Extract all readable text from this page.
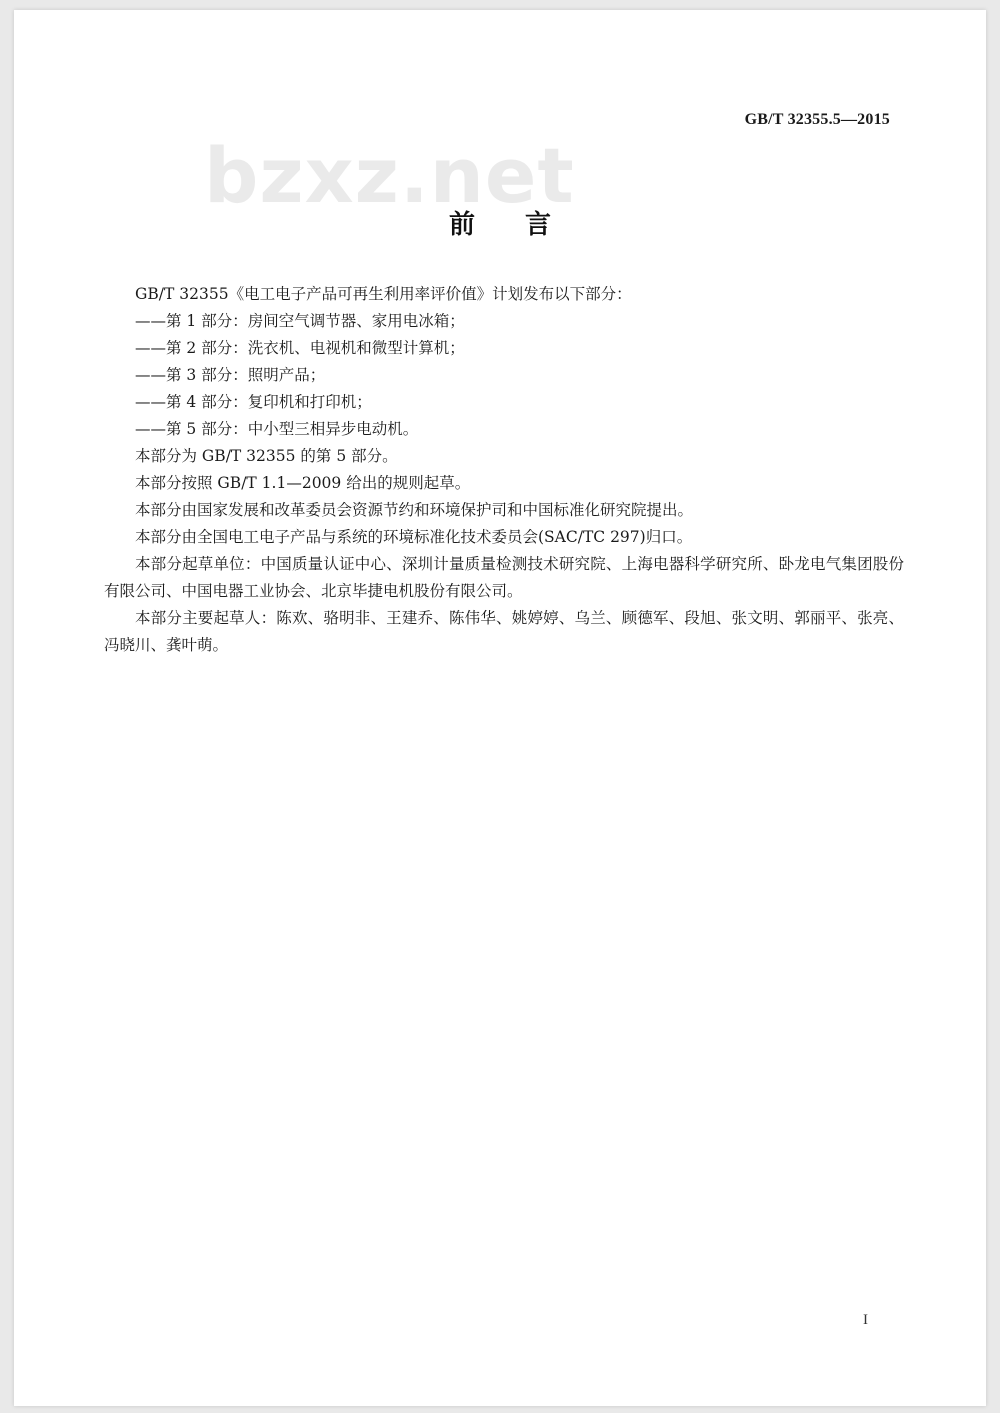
GB/T 32355.5—2015
bzxz.net
前言

GB/T 32355《电工电子产品可再生利用率评价值》计划发布以下部分：

——第 1 部分：房间空气调节器、家用电冰箱；

——第 2 部分：洗衣机、电视机和微型计算机；

——第 3 部分：照明产品；

——第 4 部分：复印机和打印机；

——第 5 部分：中小型三相异步电动机。

本部分为 GB/T 32355 的第 5 部分。

本部分按照 GB/T 1.1—2009 给出的规则起草。

本部分由国家发展和改革委员会资源节约和环境保护司和中国标准化研究院提出。

本部分由全国电工电子产品与系统的环境标准化技术委员会(SAC/TC 297)归口。

本部分起草单位：中国质量认证中心、深圳计量质量检测技术研究院、上海电器科学研究所、卧龙电气集团股份有限公司、中国电器工业协会、北京毕捷电机股份有限公司。

本部分主要起草人：陈欢、骆明非、王建乔、陈伟华、姚婷婷、乌兰、顾德军、段旭、张文明、郭丽平、张亮、冯晓川、龚叶萌。

I
